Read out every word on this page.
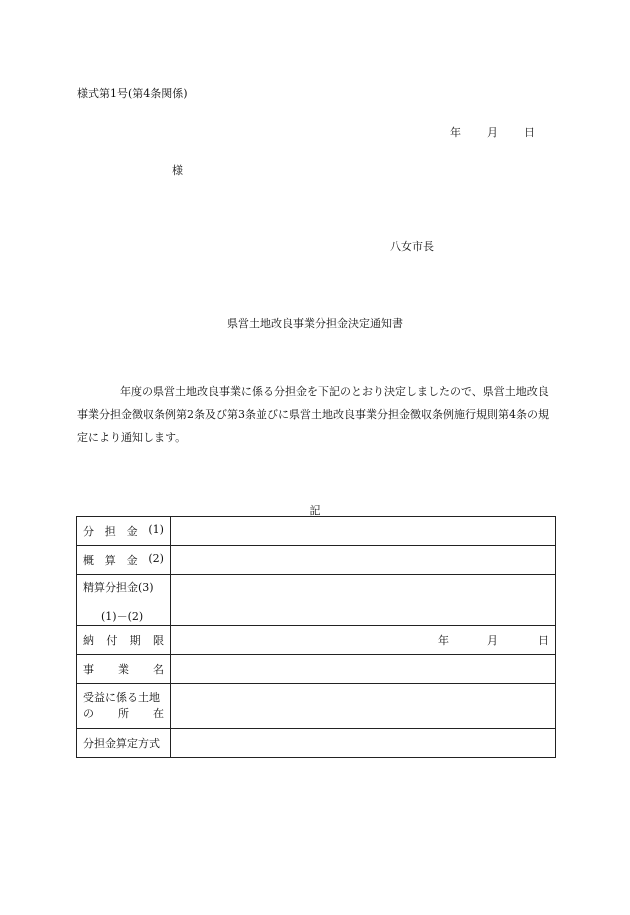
様式第1号(第4条関係)
年 月 日
様
八女市長
県営土地改良事業分担金決定通知書
年度の県営土地改良事業に係る分担金を下記のとおり決定しましたので、県営土地改良事業分担金徴収条例第2条及び第3条並びに県営土地改良事業分担金徴収条例施行規則第4条の規定により通知します。
記
分 担 金 (1)	

概 算 金 (2)	

精算分担金(3)
(1)－(2)	

納 付 期 限	年 月 日

事 業 名	

受益に係る土地
の 所 在	

分担金算定方式	
